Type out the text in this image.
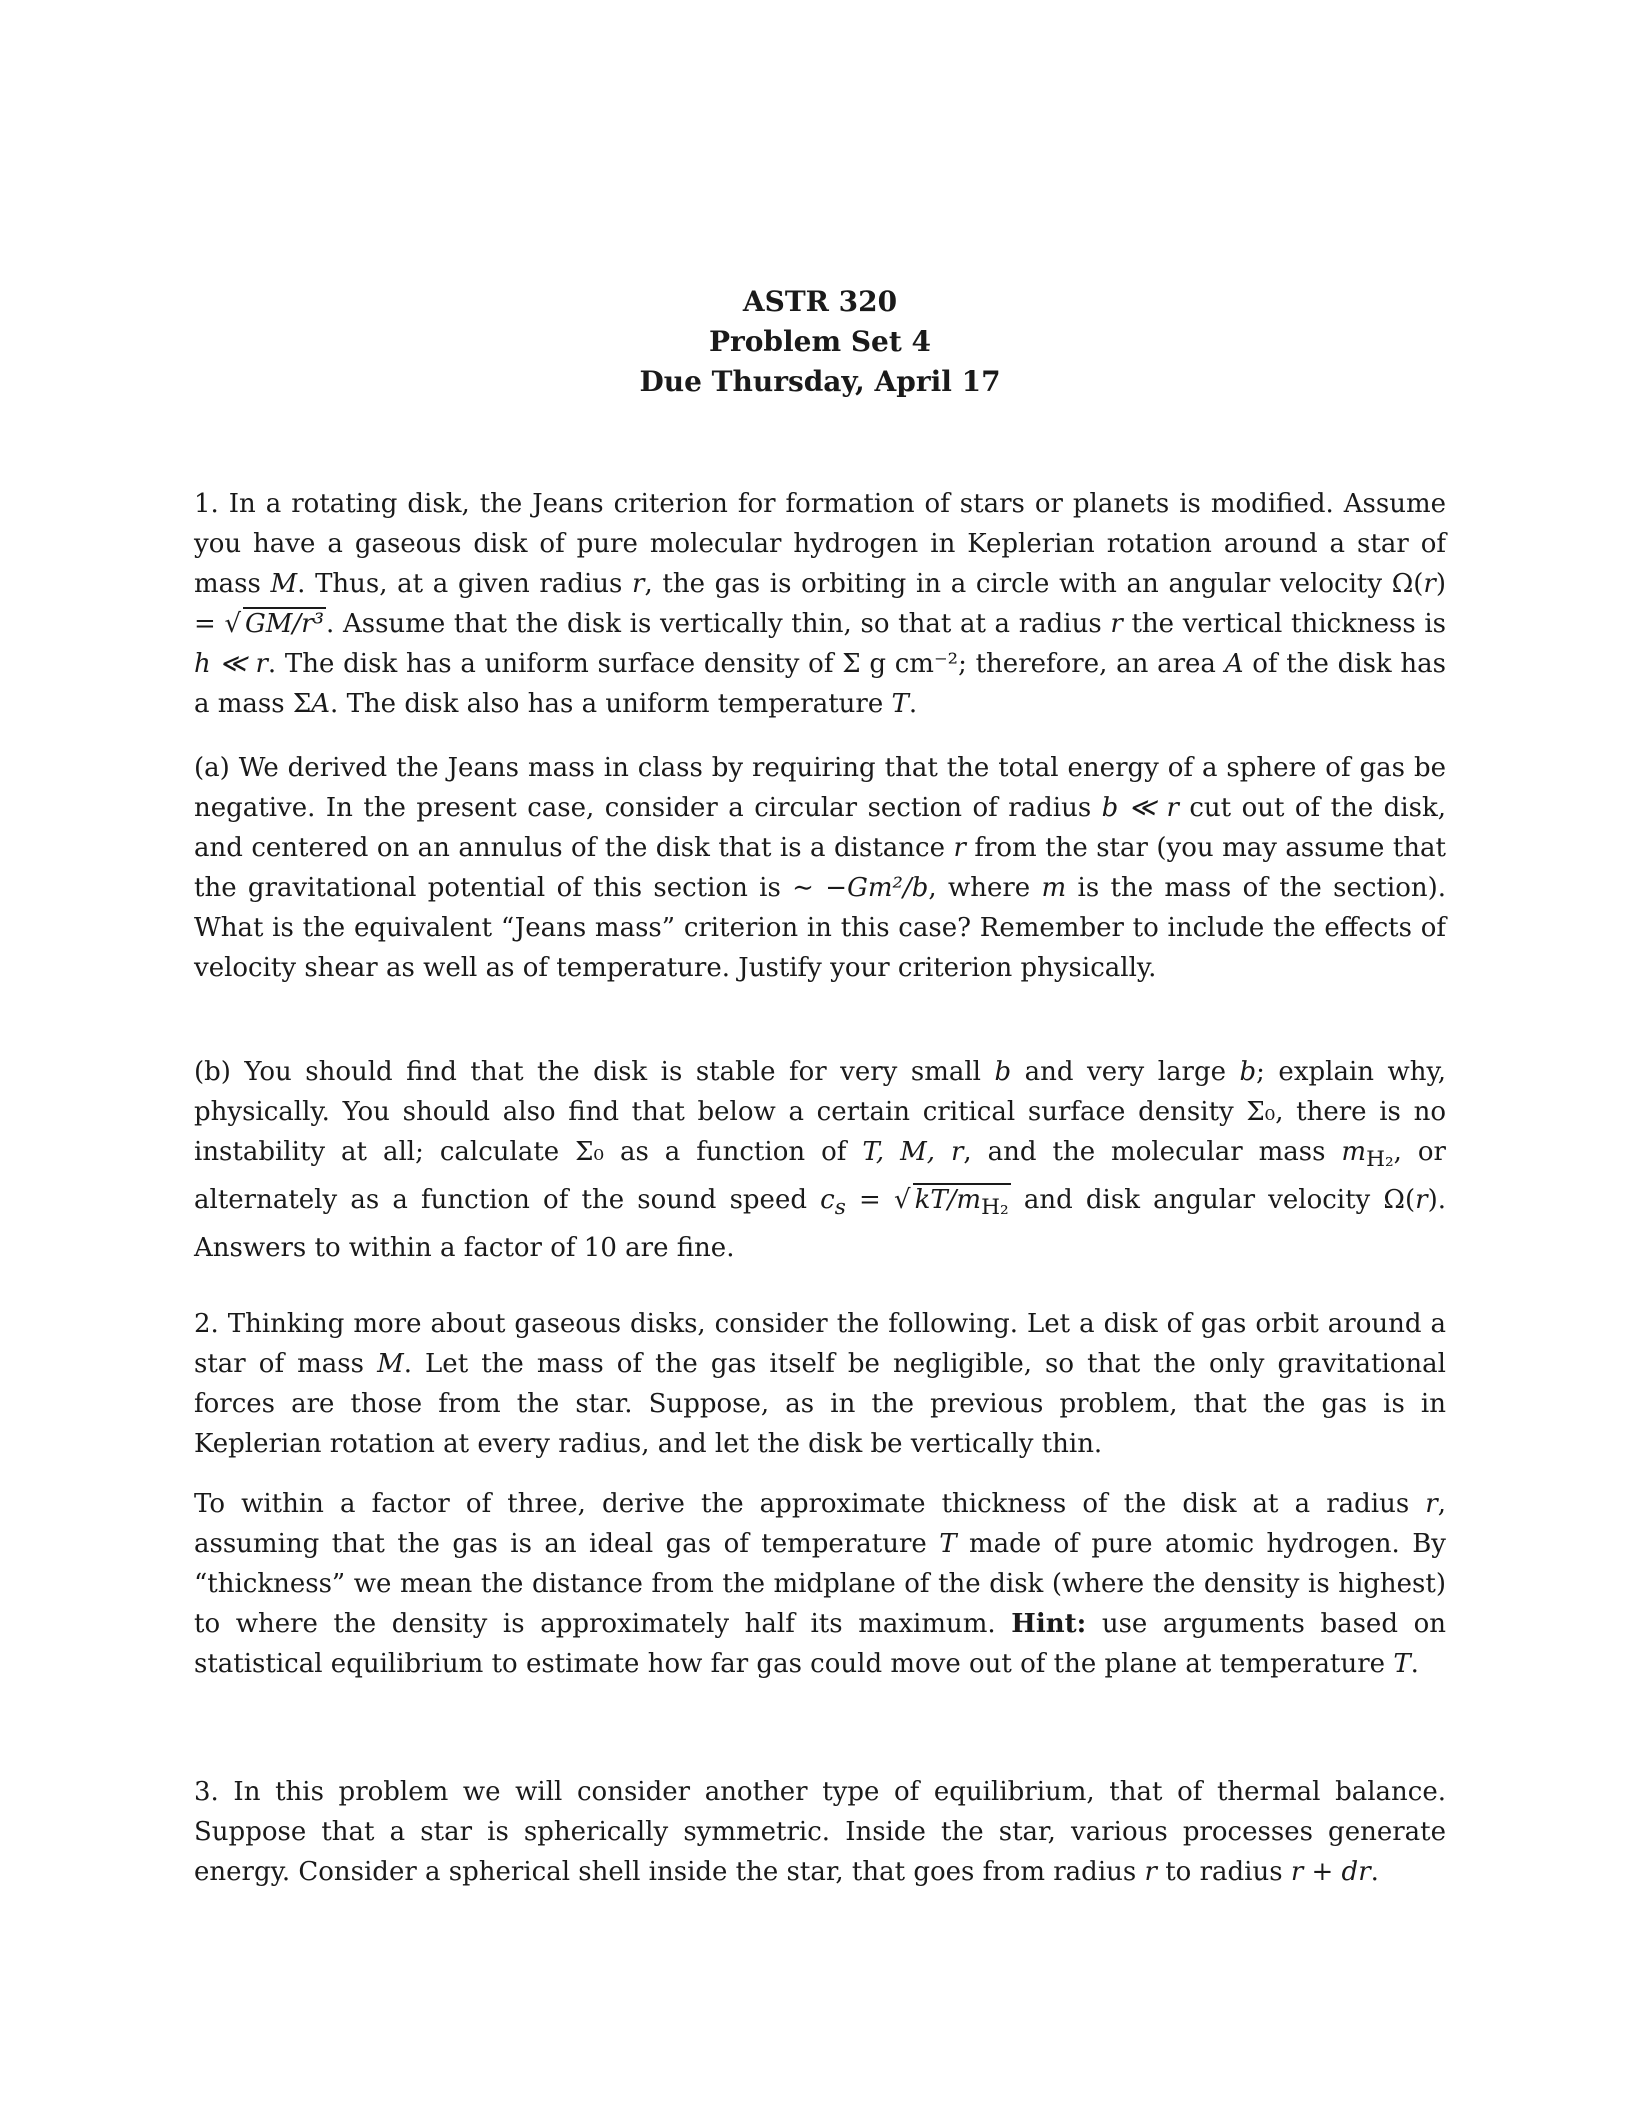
ASTR 320
Problem Set 4
Due Thursday, April 17

1. In a rotating disk, the Jeans criterion for formation of stars or planets is modified. Assume you have a gaseous disk of pure molecular hydrogen in Keplerian rotation around a star of mass M. Thus, at a given radius r, the gas is orbiting in a circle with an angular velocity Ω(r) = √ GM/r³. Assume that the disk is vertically thin, so that at a radius r the vertical thickness is h ≪ r. The disk has a uniform surface density of Σ g cm⁻²; therefore, an area A of the disk has a mass ΣA. The disk also has a uniform temperature T.

(a) We derived the Jeans mass in class by requiring that the total energy of a sphere of gas be negative. In the present case, consider a circular section of radius b ≪ r cut out of the disk, and centered on an annulus of the disk that is a distance r from the star (you may assume that the gravitational potential of this section is ∼ −Gm²/b, where m is the mass of the section). What is the equivalent “Jeans mass” criterion in this case? Remember to include the effects of velocity shear as well as of temperature. Justify your criterion physically.

(b) You should find that the disk is stable for very small b and very large b; explain why, physically. You should also find that below a certain critical surface density Σ₀, there is no instability at all; calculate Σ₀ as a function of T, M, r, and the molecular mass $m_{H_2}$, or alternately as a function of the sound speed $c_s$ = √ $kT/m_{H_2}$ and disk angular velocity Ω(r). Answers to within a factor of 10 are fine.

2. Thinking more about gaseous disks, consider the following. Let a disk of gas orbit around a star of mass M. Let the mass of the gas itself be negligible, so that the only gravitational forces are those from the star. Suppose, as in the previous problem, that the gas is in Keplerian rotation at every radius, and let the disk be vertically thin.

To within a factor of three, derive the approximate thickness of the disk at a radius r, assuming that the gas is an ideal gas of temperature T made of pure atomic hydrogen. By “thickness” we mean the distance from the midplane of the disk (where the density is highest) to where the density is approximately half its maximum. Hint: use arguments based on statistical equilibrium to estimate how far gas could move out of the plane at temperature T.

3. In this problem we will consider another type of equilibrium, that of thermal balance. Suppose that a star is spherically symmetric. Inside the star, various processes generate energy. Consider a spherical shell inside the star, that goes from radius r to radius r + dr.
